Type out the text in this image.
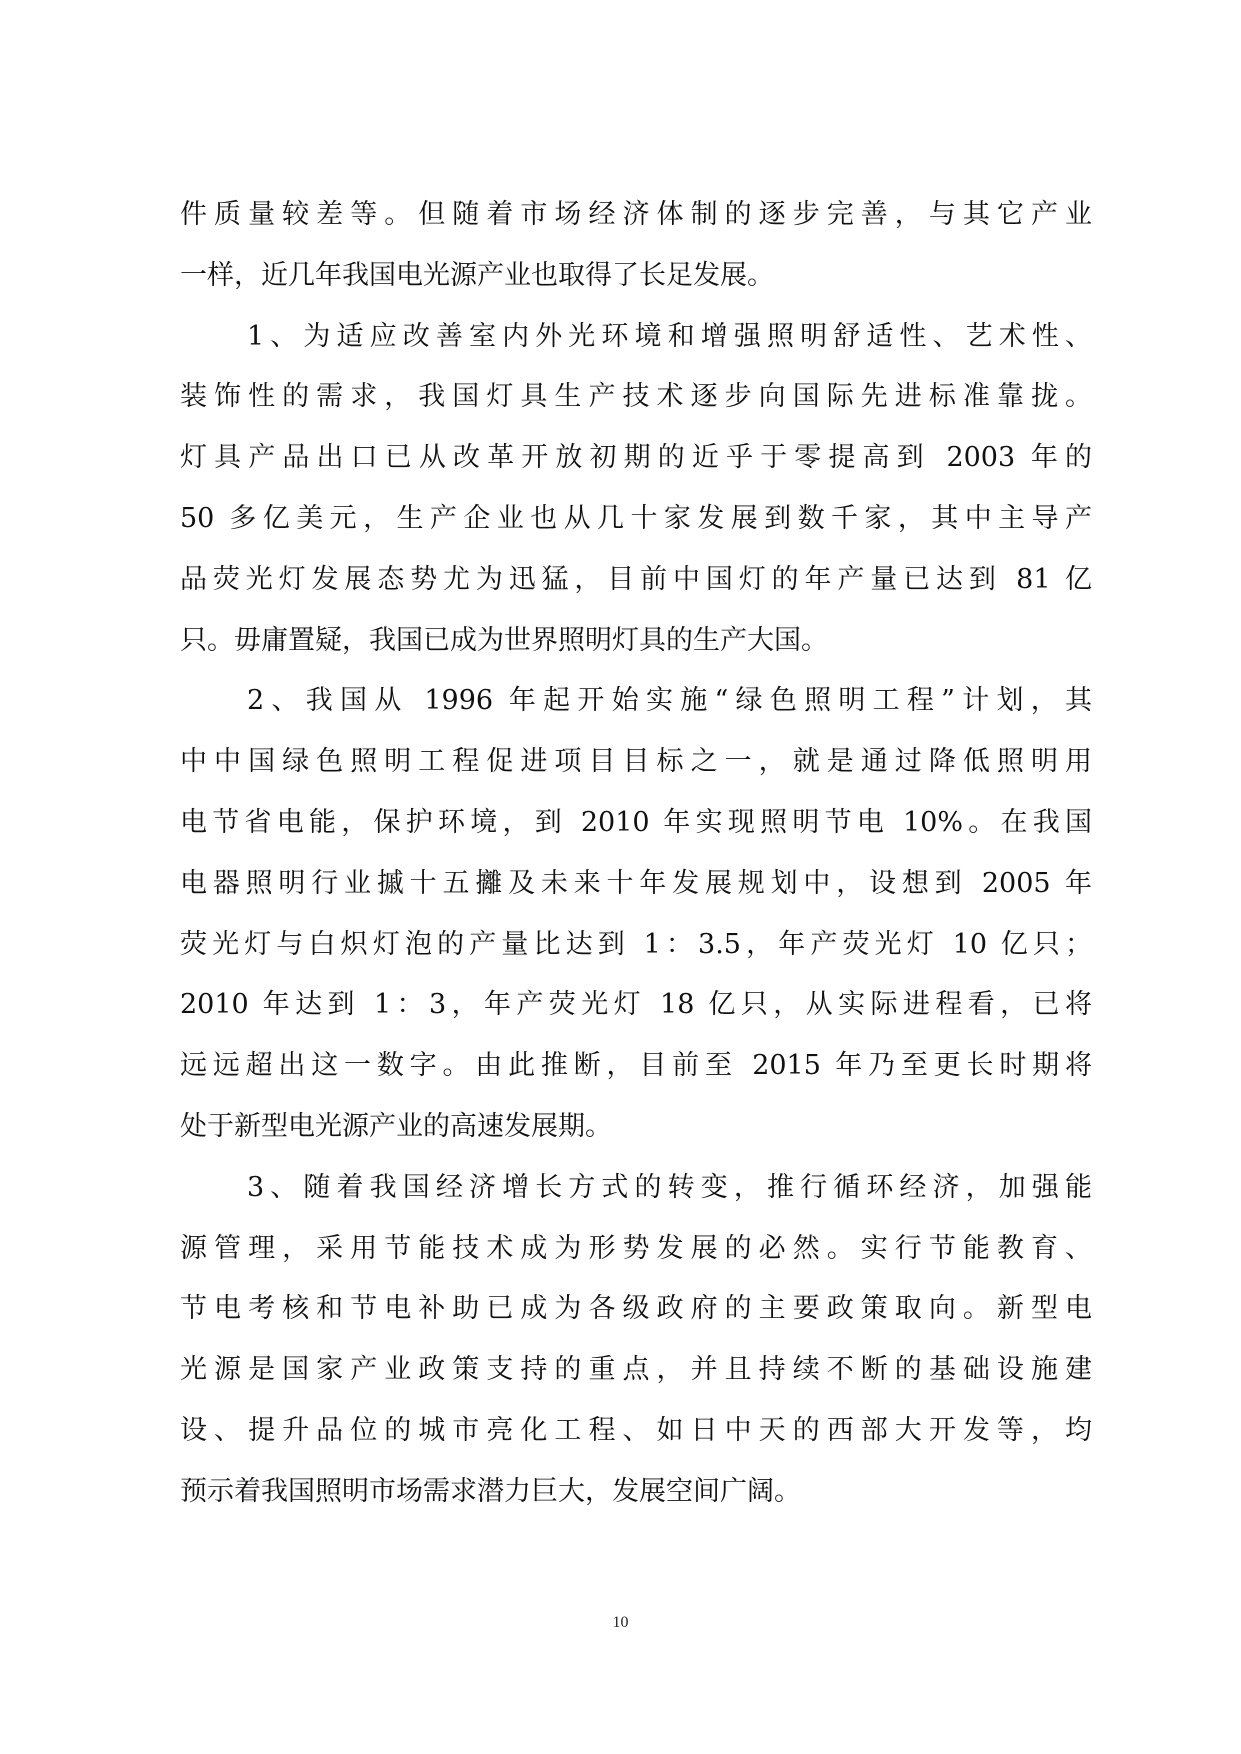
件质量较差等。但随着市场经济体制的逐步完善，与其它产业
一样，近几年我国电光源产业也取得了长足发展。
1、为适应改善室内外光环境和增强照明舒适性、艺术性、
装饰性的需求，我国灯具生产技术逐步向国际先进标准靠拢。
灯具产品出口已从改革开放初期的近乎于零提高到 2003 年的
50 多亿美元，生产企业也从几十家发展到数千家，其中主导产
品荧光灯发展态势尤为迅猛，目前中国灯的年产量已达到 81 亿
只。毋庸置疑，我国已成为世界照明灯具的生产大国。
2、我国从 1996 年起开始实施“绿色照明工程”计划，其
中中国绿色照明工程促进项目目标之一，就是通过降低照明用
电节省电能，保护环境，到 2010 年实现照明节电 10%。在我国
电器照明行业摵十五攡及未来十年发展规划中，设想到 2005 年
荧光灯与白炽灯泡的产量比达到 1：3.5，年产荧光灯 10 亿只；
2010 年达到 1：3，年产荧光灯 18 亿只，从实际进程看，已将
远远超出这一数字。由此推断，目前至 2015 年乃至更长时期将
处于新型电光源产业的高速发展期。
3、随着我国经济增长方式的转变，推行循环经济，加强能
源管理，采用节能技术成为形势发展的必然。实行节能教育、
节电考核和节电补助已成为各级政府的主要政策取向。新型电
光源是国家产业政策支持的重点，并且持续不断的基础设施建
设、提升品位的城市亮化工程、如日中天的西部大开发等，均
预示着我国照明市场需求潜力巨大，发展空间广阔。
10
